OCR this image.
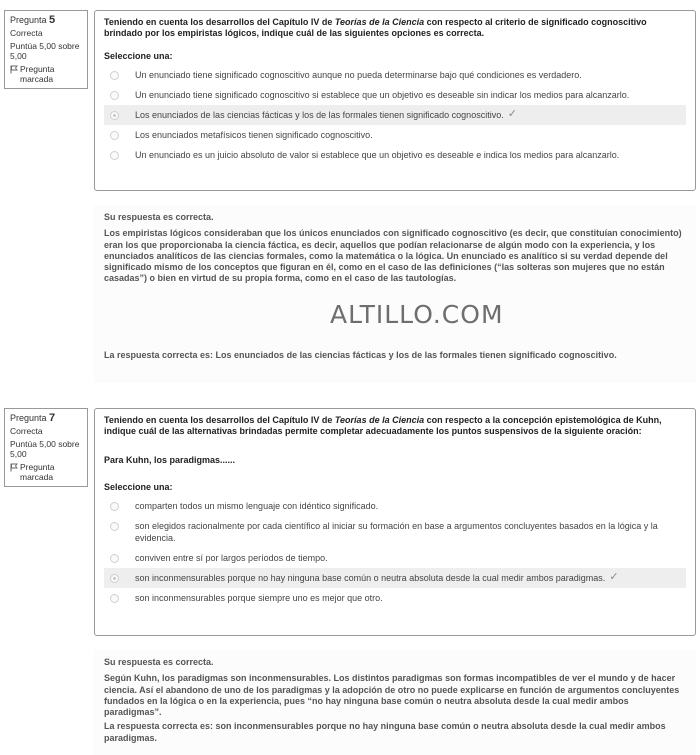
Pregunta 5
Correcta
Puntúa 5,00 sobre 5,00
Pregunta marcada
Teniendo en cuenta los desarrollos del Capítulo IV de Teorías de la Ciencia con respecto al criterio de significado cognoscitivo brindado por los empiristas lógicos, indique cuál de las siguientes opciones es correcta.
Seleccione una:
Un enunciado tiene significado cognoscitivo aunque no pueda determinarse bajo qué condiciones es verdadero.
Un enunciado tiene significado cognoscitivo si establece que un objetivo es deseable sin indicar los medios para alcanzarlo.
Los enunciados de las ciencias fácticas y los de las formales tienen significado cognoscitivo. ✓
Los enunciados metafísicos tienen significado cognoscitivo.
Un enunciado es un juicio absoluto de valor si establece que un objetivo es deseable e indica los medios para alcanzarlo.
Su respuesta es correcta.
Los empiristas lógicos consideraban que los únicos enunciados con significado cognoscitivo (es decir, que constituían conocimiento) eran los que proporcionaba la ciencia fáctica, es decir, aquellos que podían relacionarse de algún modo con la experiencia, y los enunciados analíticos de las ciencias formales, como la matemática o la lógica. Un enunciado es analítico si su verdad depende del significado mismo de los conceptos que figuran en él, como en el caso de las definiciones (“las solteras son mujeres que no están casadas”) o bien en virtud de su propia forma, como en el caso de las tautologías.
La respuesta correcta es: Los enunciados de las ciencias fácticas y los de las formales tienen significado cognoscitivo.
ALTILLO.COM
Pregunta 7
Correcta
Puntúa 5,00 sobre 5,00
Pregunta marcada
Teniendo en cuenta los desarrollos del Capítulo IV de Teorías de la Ciencia con respecto a la concepción epistemológica de Kuhn, indique cuál de las alternativas brindadas permite completar adecuadamente los puntos suspensivos de la siguiente oración:
Para Kuhn, los paradigmas......
Seleccione una:
comparten todos un mismo lenguaje con idéntico significado.
son elegidos racionalmente por cada científico al iniciar su formación en base a argumentos concluyentes basados en la lógica y la evidencia.
conviven entre sí por largos períodos de tiempo.
son inconmensurables porque no hay ninguna base común o neutra absoluta desde la cual medir ambos paradigmas. ✓
son inconmensurables porque siempre uno es mejor que otro.
Su respuesta es correcta.
Según Kuhn, los paradigmas son inconmensurables. Los distintos paradigmas son formas incompatibles de ver el mundo y de hacer ciencia. Así el abandono de uno de los paradigmas y la adopción de otro no puede explicarse en función de argumentos concluyentes fundados en la lógica o en la experiencia, pues “no hay ninguna base común o neutra absoluta desde la cual medir ambos paradigmas”.
La respuesta correcta es: son inconmensurables porque no hay ninguna base común o neutra absoluta desde la cual medir ambos paradigmas.
